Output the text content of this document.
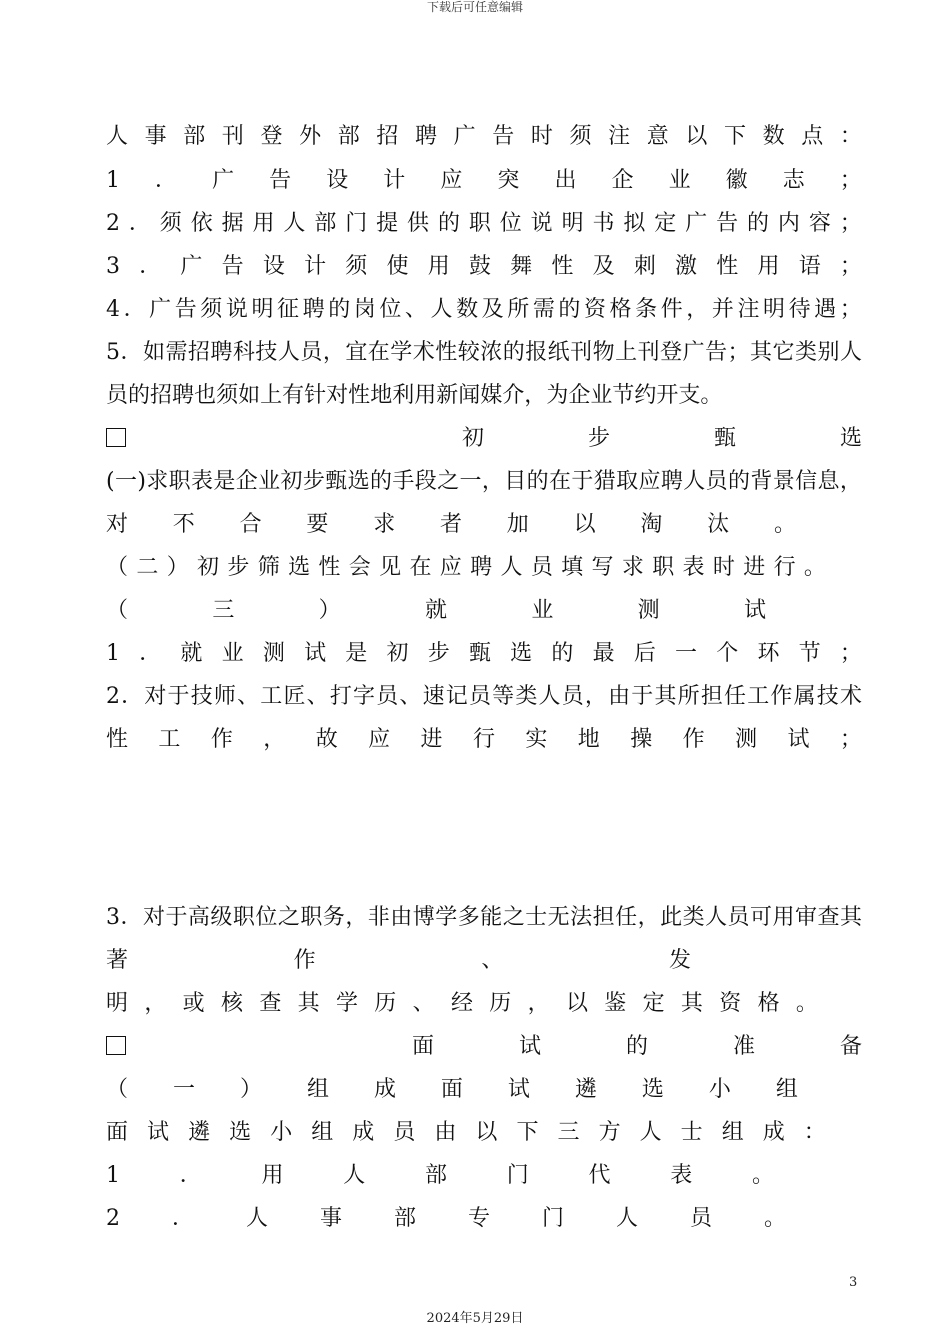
下载后可任意编辑
人 事 部 刊 登 外 部 招 聘 广 告 时 须 注 意 以 下 数 点 ：
1 ． 广 告 设 计 应 突 出 企 业 徽 志 ；
2 ． 须 依 据 用 人 部 门 提 供 的 职 位 说 明 书 拟 定 广 告 的 内 容 ；
3 ． 广 告 设 计 须 使 用 鼓 舞 性 及 刺 激 性 用 语 ；
4 ． 广 告 须 说 明 征 聘 的 岗 位 、 人 数 及 所 需 的 资 格 条 件 ， 并 注 明 待 遇 ；
5 ． 如 需 招 聘 科 技 人 员 ， 宜 在 学 术 性 较 浓 的 报 纸 刊 物 上 刊 登 广 告 ； 其 它 类 别 人
员 的 招 聘 也 须 如 上 有 针 对 性 地 利 用 新 闻 媒 介 ， 为 企 业 节 约 开 支 。

初	步	甄	选
( 一 ) 求 职 表 是 企 业 初 步 甄 选 的 手 段 之 一 ， 目 的 在 于 猎 取 应 聘 人 员 的 背 景 信 息 ，
对 不 合 要 求 者 加 以 淘 汰 。
（ 二 ） 初 步 筛 选 性 会 见 在 应 聘 人 员 填 写 求 职 表 时 进 行 。
（	三	）	就	业	测	试
1 ． 就 业 测 试 是 初 步 甄 选 的 最 后 一 个 环 节 ；
2 ． 对 于 技 师 、 工 匠 、 打 字 员 、 速 记 员 等 类 人 员 ， 由 于 其 所 担 任 工 作 属 技 术
性 工 作 ， 故 应 进 行 实 地 操 作 测 试 ；
3 ． 对 于 高 级 职 位 之 职 务 ， 非 由 博 学 多 能 之 士 无 法 担 任 ， 此 类 人 员 可 用 审 查 其
著	作	、	发
明 ， 或 核 查 其 学 历 、 经 历 ， 以 鉴 定 其 资 格 。

面	试	的	准	备
（ 一 ） 组 成 面 试 遴 选 小 组
面 试 遴 选 小 组 成 员 由 以 下 三 方 人 士 组 成 ：
1	．	用	人	部	门	代	表	。
2 ． 人 事 部 专 门 人 员 。
3
2024年5月29日
